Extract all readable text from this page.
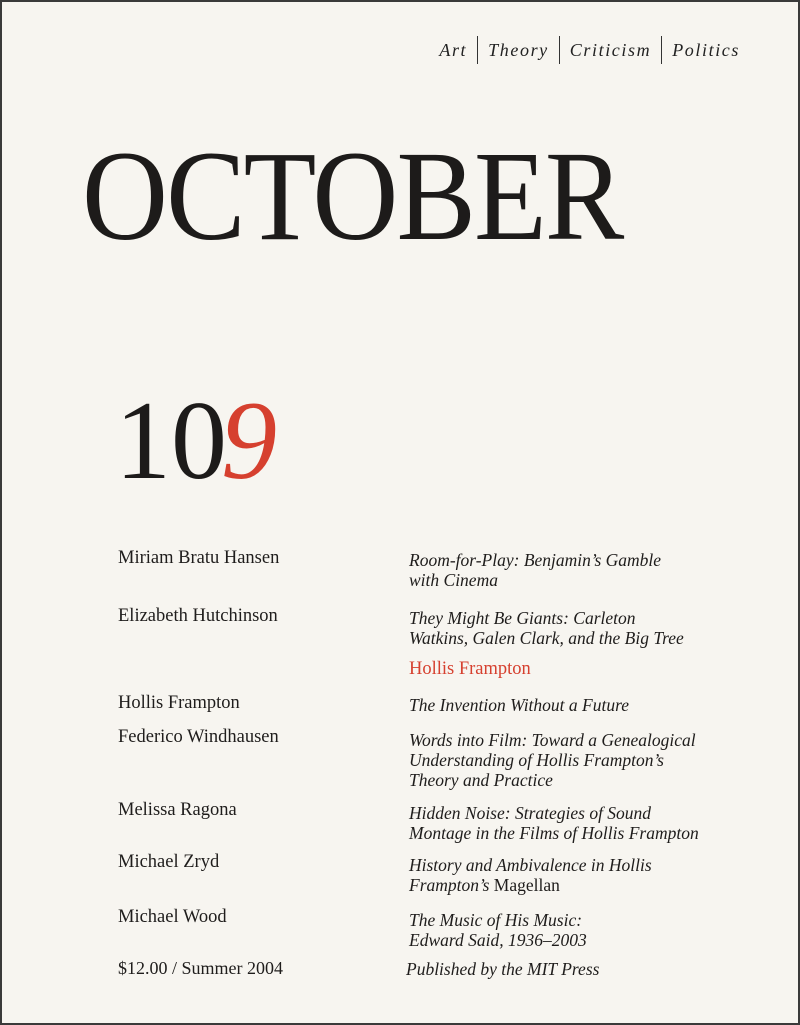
Art	Theory	Criticism	Politics
OCTOBER
109
Miriam Bratu Hansen	Room-for-Play: Benjamin’s Gamble
with Cinema
Elizabeth Hutchinson	They Might Be Giants: Carleton
Watkins, Galen Clark, and the Big Tree
Hollis Frampton
Hollis Frampton	The Invention Without a Future
Federico Windhausen	Words into Film: Toward a Genealogical
Understanding of Hollis Frampton’s
Theory and Practice
Melissa Ragona	Hidden Noise: Strategies of Sound
Montage in the Films of Hollis Frampton
Michael Zryd	History and Ambivalence in Hollis
Frampton’s Magellan
Michael Wood	The Music of His Music:
Edward Said, 1936–2003
$12.00 / Summer 2004	Published by the MIT Press
